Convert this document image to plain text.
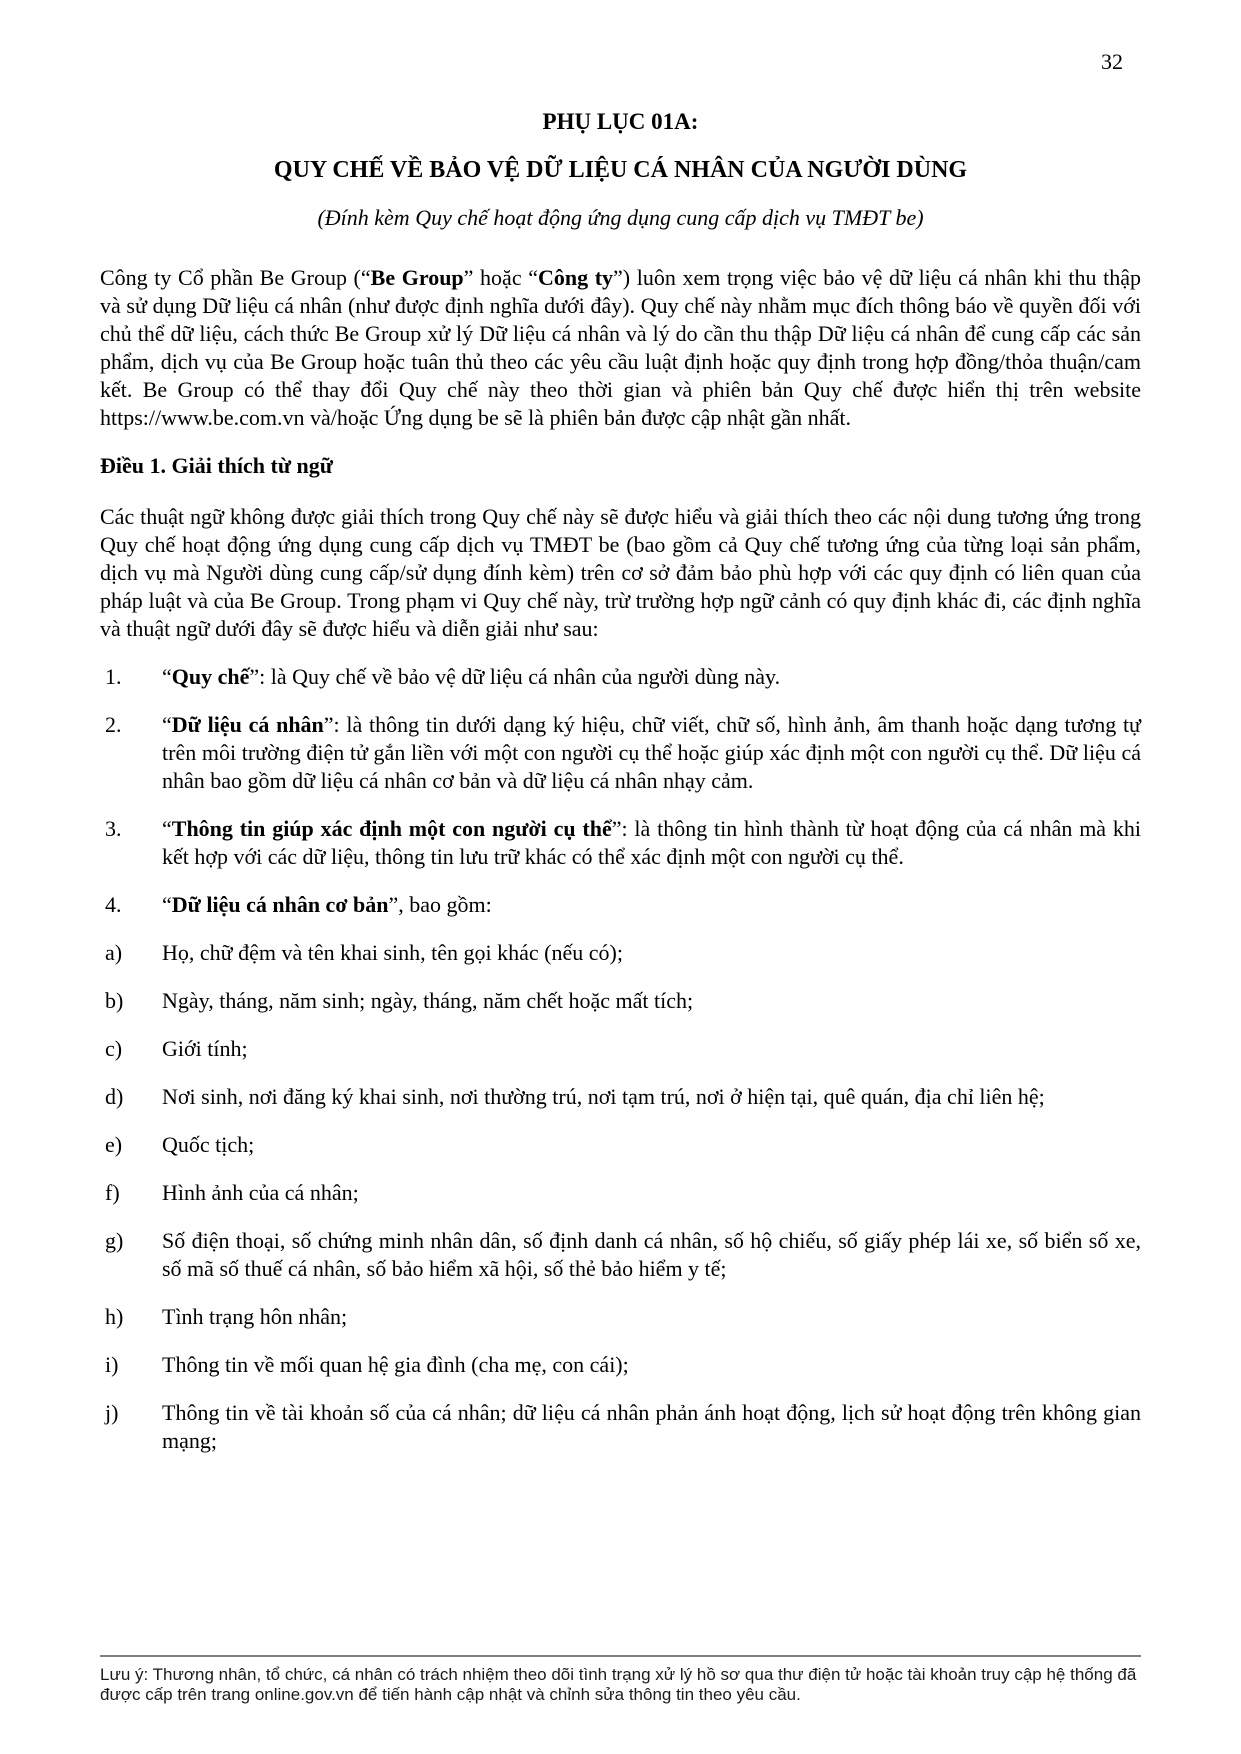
32

PHỤ LỤC 01A:
QUY CHẾ VỀ BẢO VỆ DỮ LIỆU CÁ NHÂN CỦA NGƯỜI DÙNG
(Đính kèm Quy chế hoạt động ứng dụng cung cấp dịch vụ TMĐT be)

Công ty Cổ phần Be Group (“Be Group” hoặc “Công ty”) luôn xem trọng việc bảo vệ dữ liệu cá nhân khi thu thập và sử dụng Dữ liệu cá nhân (như được định nghĩa dưới đây). Quy chế này nhằm mục đích thông báo về quyền đối với chủ thể dữ liệu, cách thức Be Group xử lý Dữ liệu cá nhân và lý do cần thu thập Dữ liệu cá nhân để cung cấp các sản phẩm, dịch vụ của Be Group hoặc tuân thủ theo các yêu cầu luật định hoặc quy định trong hợp đồng/thỏa thuận/cam kết. Be Group có thể thay đổi Quy chế này theo thời gian và phiên bản Quy chế được hiển thị trên website https://www.be.com.vn và/hoặc Ứng dụng be sẽ là phiên bản được cập nhật gần nhất.

Điều 1. Giải thích từ ngữ

Các thuật ngữ không được giải thích trong Quy chế này sẽ được hiểu và giải thích theo các nội dung tương ứng trong Quy chế hoạt động ứng dụng cung cấp dịch vụ TMĐT be (bao gồm cả Quy chế tương ứng của từng loại sản phẩm, dịch vụ mà Người dùng cung cấp/sử dụng đính kèm) trên cơ sở đảm bảo phù hợp với các quy định có liên quan của pháp luật và của Be Group. Trong phạm vi Quy chế này, trừ trường hợp ngữ cảnh có quy định khác đi, các định nghĩa và thuật ngữ dưới đây sẽ được hiểu và diễn giải như sau:

1.	“Quy chế”: là Quy chế về bảo vệ dữ liệu cá nhân của người dùng này.
2.	“Dữ liệu cá nhân”: là thông tin dưới dạng ký hiệu, chữ viết, chữ số, hình ảnh, âm thanh hoặc dạng tương tự trên môi trường điện tử gắn liền với một con người cụ thể hoặc giúp xác định một con người cụ thể. Dữ liệu cá nhân bao gồm dữ liệu cá nhân cơ bản và dữ liệu cá nhân nhạy cảm.
3.	“Thông tin giúp xác định một con người cụ thể”: là thông tin hình thành từ hoạt động của cá nhân mà khi kết hợp với các dữ liệu, thông tin lưu trữ khác có thể xác định một con người cụ thể.
4.	“Dữ liệu cá nhân cơ bản”, bao gồm:
a)	Họ, chữ đệm và tên khai sinh, tên gọi khác (nếu có);
b)	Ngày, tháng, năm sinh; ngày, tháng, năm chết hoặc mất tích;
c)	Giới tính;
d)	Nơi sinh, nơi đăng ký khai sinh, nơi thường trú, nơi tạm trú, nơi ở hiện tại, quê quán, địa chỉ liên hệ;
e)	Quốc tịch;
f)	Hình ảnh của cá nhân;
g)	Số điện thoại, số chứng minh nhân dân, số định danh cá nhân, số hộ chiếu, số giấy phép lái xe, số biển số xe, số mã số thuế cá nhân, số bảo hiểm xã hội, số thẻ bảo hiểm y tế;
h)	Tình trạng hôn nhân;
i)	Thông tin về mối quan hệ gia đình (cha mẹ, con cái);
j)	Thông tin về tài khoản số của cá nhân; dữ liệu cá nhân phản ánh hoạt động, lịch sử hoạt động trên không gian mạng;

Lưu ý: Thương nhân, tổ chức, cá nhân có trách nhiệm theo dõi tình trạng xử lý hồ sơ qua thư điện tử hoặc tài khoản truy cập hệ thống đã được cấp trên trang online.gov.vn để tiến hành cập nhật và chỉnh sửa thông tin theo yêu cầu.
